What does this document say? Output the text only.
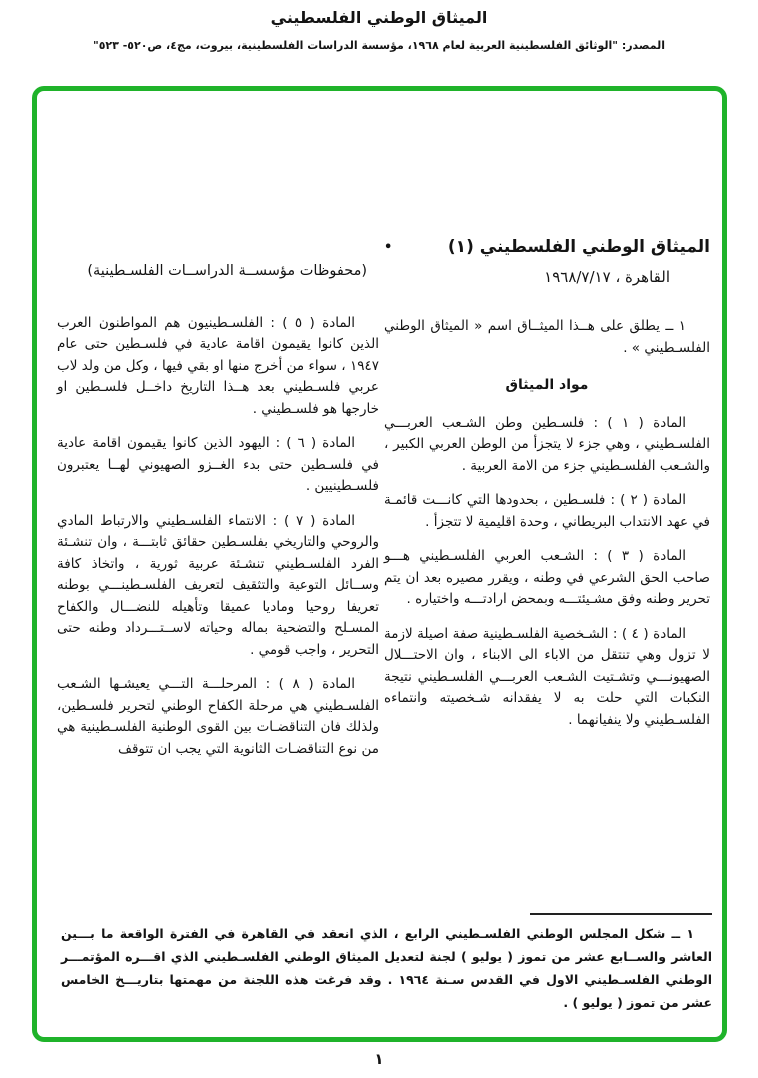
الميثاق الوطني الفلسطيني
المصدر: "الوثائق الفلسطينية العربية لعام ١٩٦٨، مؤسسة الدراسات الفلسطينية، بيروت، مج٤، ص٥٢٠- ٥٢٣"
الميثاق الوطني الفلسطيني (١)
•
القاهرة ، ١٩٦٨/٧/١٧

١ ــ يطلق على هــذا الميثــاق اسم « الميثاق الوطني الفلسـطيني » .

مواد الميثاق

المادة ( ١ ) : فلسـطين وطن الشـعب العربـــي الفلسـطيني ، وهي جزء لا يتجزأ من الوطن العربي الكبير ، والشـعب الفلسـطيني جزء من الامة العربية .

المادة ( ٢ ) : فلسـطين ، بحدودها التي كانـــت قائمـة في عهد الانتداب البريطاني ، وحدة اقليمية لا تتجزأ .

المادة ( ٣ ) : الشـعب العربي الفلسـطيني هـــو صاحب الحق الشرعي في وطنه ، ويقرر مصيره بعد ان يتم تحرير وطنه وفق مشـيئتـــه وبمحض ارادتـــه واختياره .

المادة ( ٤ ) : الشـخصية الفلسـطينية صفة اصيلة لازمة لا تزول وهي تنتقل من الاباء الى الابناء ، وان الاحتـــلال الصهيونـــي وتشـتيت الشـعب العربـــي الفلسـطيني نتيجة النكبات التي حلت به لا يفقدانه شـخصيته وانتماءه الفلسـطيني ولا ينفيانهما .

(محفوظات مؤسســة الدراســات الفلسـطينية)

المادة ( ٥ ) : الفلسـطينيون هم المواطنون العرب الذين كانوا يقيمون اقامة عادية في فلسـطين حتى عام ١٩٤٧ ، سواء من أخرج منها او بقي فيها ، وكل من ولد لاب عربي فلسـطيني بعد هــذا التاريخ داخــل فلسـطين او خارجها هو فلسـطيني .

المادة ( ٦ ) : اليهود الذين كانوا يقيمون اقامة عادية في فلسـطين حتى بدء الغــزو الصهيوني لهــا يعتبرون فلسـطينيين .

المادة ( ٧ ) : الانتماء الفلسـطيني والارتباط المادي والروحي والتاريخي بفلسـطين حقائق ثابتـــة ، وان تنشـئة الفرد الفلسـطيني تنشـئة عربية ثورية ، واتخاذ كافة وســائل التوعية والتثقيف لتعريف الفلسـطينـــي بوطنه تعريفا روحيا وماديا عميقا وتأهيله للنضـــال والكفاح المسـلح والتضحية بماله وحياته لاســتـــرداد وطنه حتى التحرير ، واجب قومي .

المادة ( ٨ ) : المرحلـــة التـــي يعيشـها الشـعب الفلسـطيني هي مرحلة الكفاح الوطني لتحرير فلسـطين، ولذلك فان التناقضـات بين القوى الوطنية الفلسـطينية هي من نوع التناقضـات الثانوية التي يجب ان تتوقف

١ ــ شكل المجلس الوطني الفلسـطيني الرابع ، الذي انعقد في القاهرة في الفترة الواقعة ما بـــين العاشر والســابع عشر من تموز ( يوليو ) لجنة لتعديل الميثاق الوطني الفلسـطيني الذي اقـــره المؤتمـــر الوطني الفلسـطيني الاول في القدس سـنة ١٩٦٤ . وقد فرغت هذه اللجنة من مهمتها بتاريـــخ الخامس عشر من تموز ( يوليو ) .

١
